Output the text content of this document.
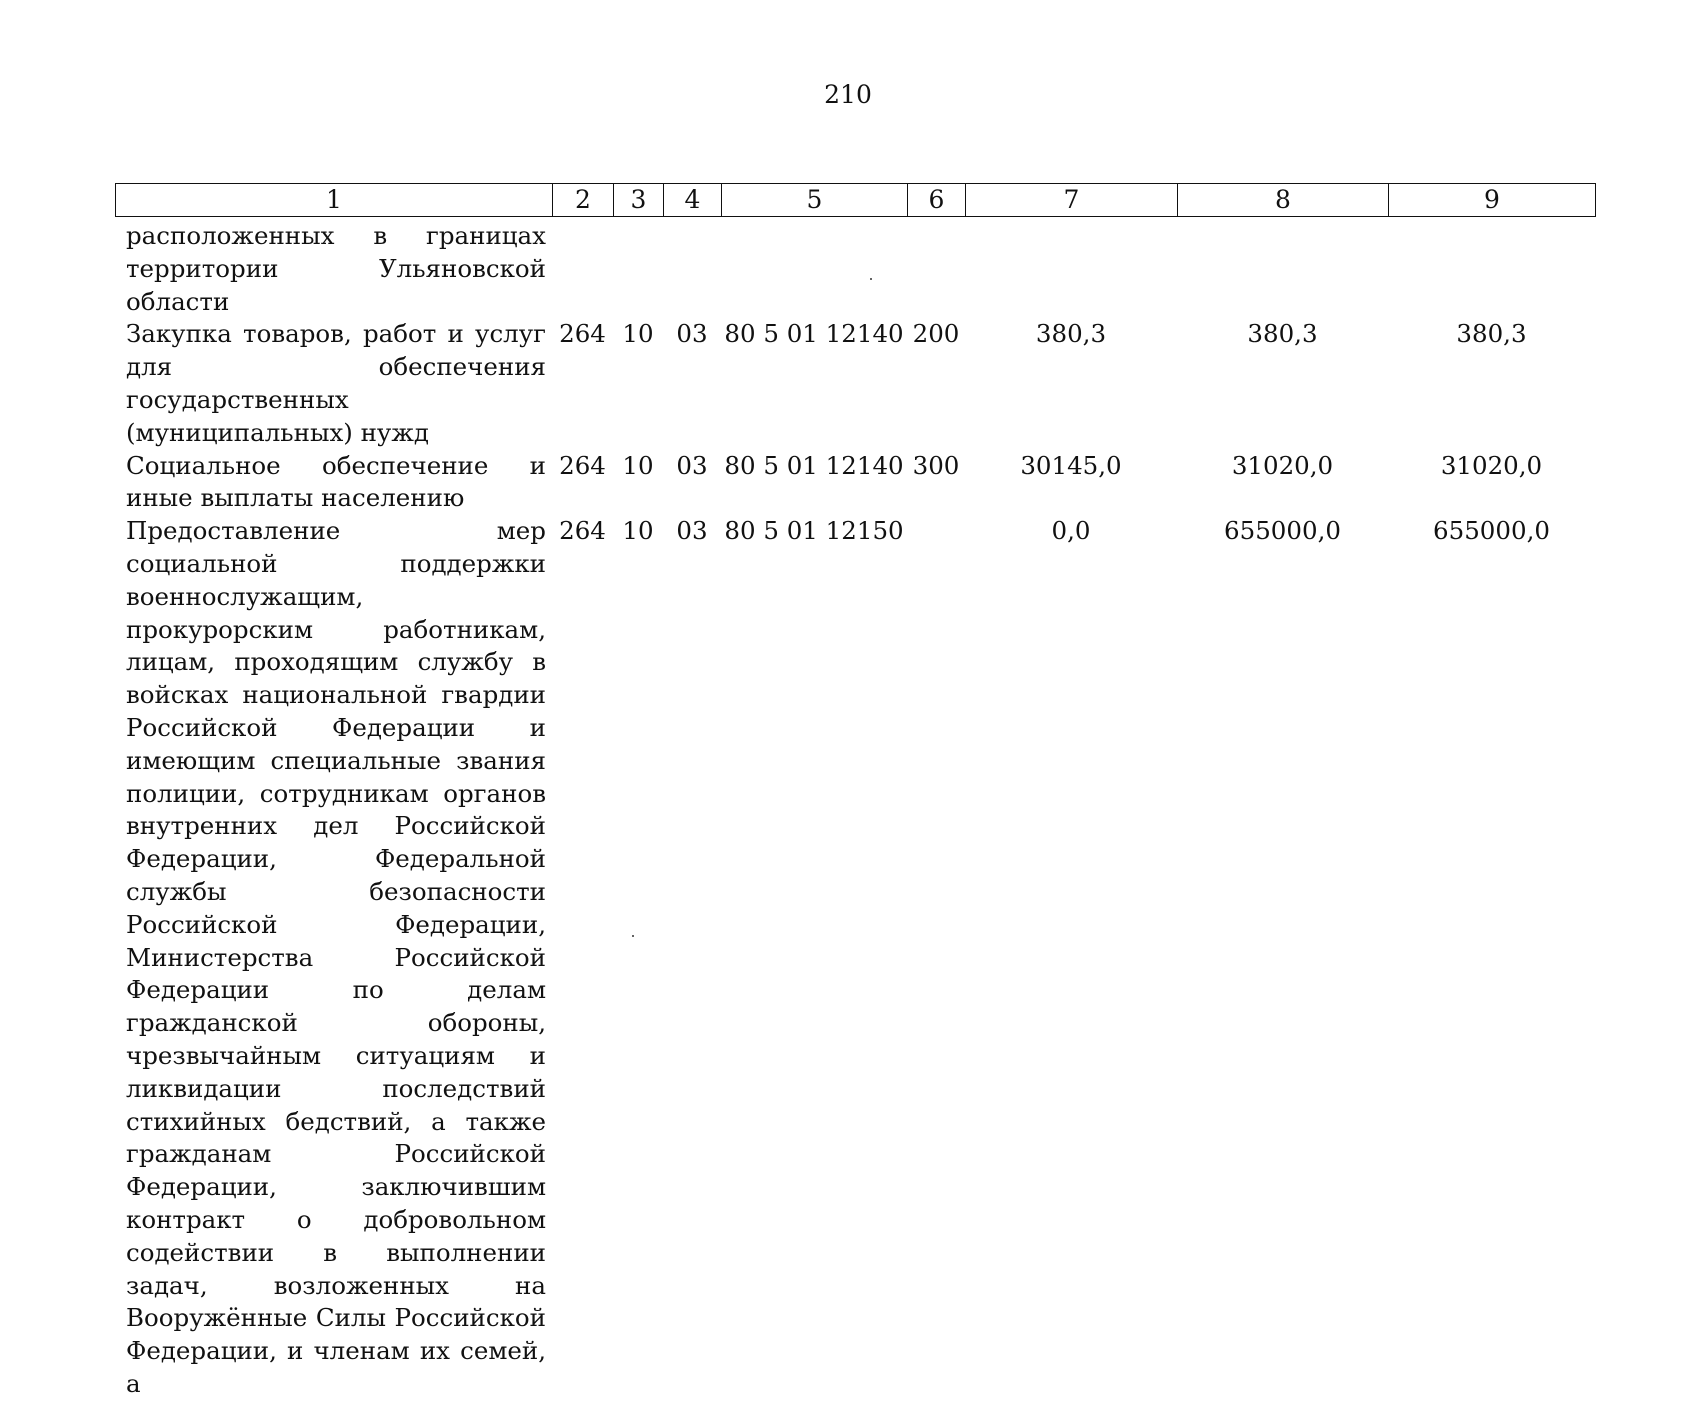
210
1	2	3	4	5	6	7	8	9
расположенных в границах территории Ульяновской области								
Закупка товаров, работ и услуг для обеспечения государственных (муниципальных) нужд	264	10	03	80 5 01 12140	200	380,3	380,3	380,3
Социальное обеспечение и иные выплаты населению	264	10	03	80 5 01 12140	300	30145,0	31020,0	31020,0
Предоставление мер социальной поддержки военнослужащим, прокурорским работникам, лицам, проходящим службу в войсках национальной гвардии Российской Федерации и имеющим специальные звания полиции, сотрудникам органов внутренних дел Российской Федерации, Федеральной службы безопасности Российской Федерации, Министерства Российской Федерации по делам гражданской обороны, чрезвычайным ситуациям и ликвидации последствий стихийных бедствий, а также гражданам Российской Федерации, заключившим контракт о добровольном содействии в выполнении задач, возложенных на Вооружённые Силы Российской Федерации, и членам их семей, а	264	10	03	80 5 01 12150		0,0	655000,0	655000,0
